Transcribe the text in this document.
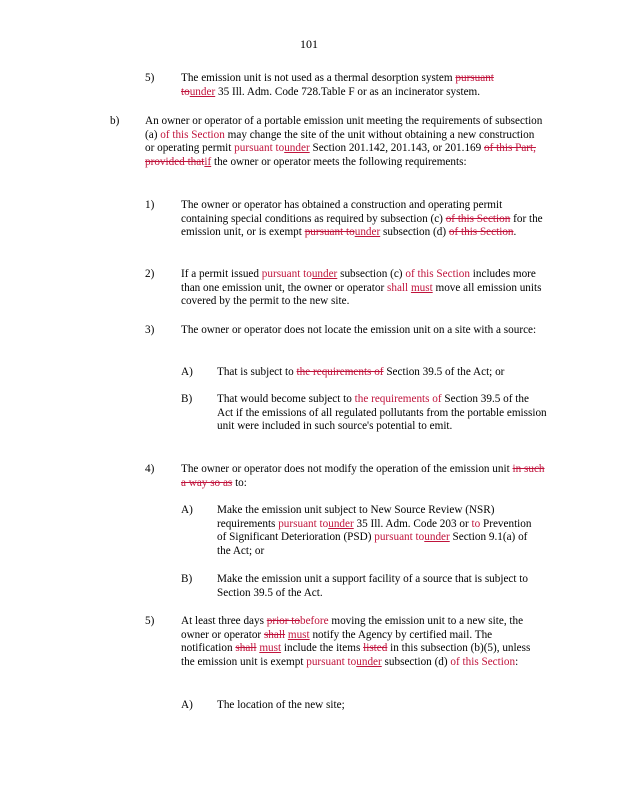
101
5) The emission unit is not used as a thermal desorption system pursuant tounder 35 Ill. Adm. Code 728.Table F or as an incinerator system.

b) An owner or operator of a portable emission unit meeting the requirements of subsection (a) of this Section may change the site of the unit without obtaining a new construction or operating permit pursuant tounder Section 201.142, 201.143, or 201.169 of this Part, provided thatif the owner or operator meets the following requirements:

1) The owner or operator has obtained a construction and operating permit containing special conditions as required by subsection (c) of this Section for the emission unit, or is exempt pursuant tounder subsection (d) of this Section.

2) If a permit issued pursuant tounder subsection (c) of this Section includes more than one emission unit, the owner or operator shall must move all emission units covered by the permit to the new site.

3) The owner or operator does not locate the emission unit on a site with a source:

A) That is subject to the requirements of Section 39.5 of the Act; or

B) That would become subject to the requirements of Section 39.5 of the Act if the emissions of all regulated pollutants from the portable emission unit were included in such source's potential to emit.

4) The owner or operator does not modify the operation of the emission unit in such a way so as to:

A) Make the emission unit subject to New Source Review (NSR) requirements pursuant tounder 35 Ill. Adm. Code 203 or to Prevention of Significant Deterioration (PSD) pursuant tounder Section 9.1(a) of the Act; or

B) Make the emission unit a support facility of a source that is subject to Section 39.5 of the Act.

5) At least three days prior tobefore moving the emission unit to a new site, the owner or operator shall must notify the Agency by certified mail. The notification shall must include the items listed in this subsection (b)(5), unless the emission unit is exempt pursuant tounder subsection (d) of this Section:

A) The location of the new site;
